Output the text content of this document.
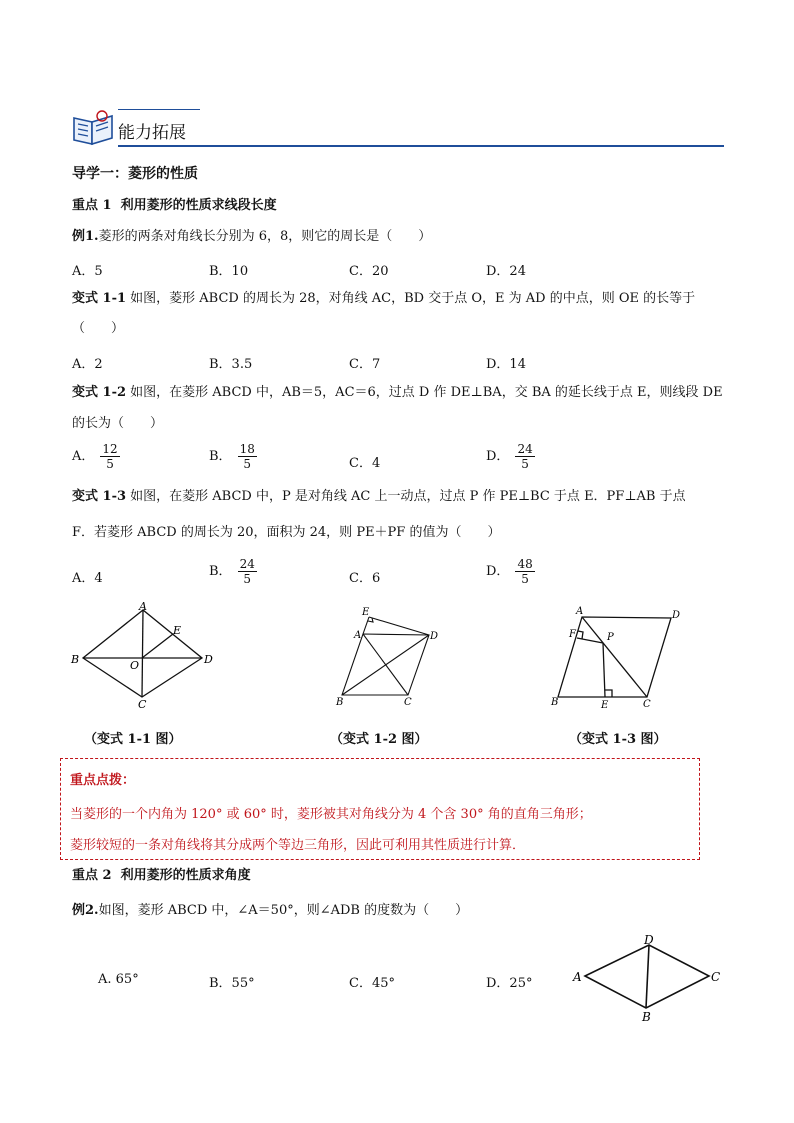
能力拓展
导学一：菱形的性质
重点 1 利用菱形的性质求线段长度
例1.菱形的两条对角线长分别为 6，8，则它的周长是（　　）
A．5	B．10	C．20	D．24
变式 1-1 如图，菱形 ABCD 的周长为 28，对角线 AC，BD 交于点 O，E 为 AD 的中点，则 OE 的长等于
（　　）
A．2	B．3.5	C．7	D．14
变式 1-2 如图，在菱形 ABCD 中，AB＝5，AC＝6，过点 D 作 DE⊥BA，交 BA 的延长线于点 E，则线段 DE
的长为（　　）
A． $\frac{12}{5}$	B． $\frac{18}{5}$	C．4	D． $\frac{24}{5}$
变式 1-3 如图，在菱形 ABCD 中，P 是对角线 AC 上一动点，过点 P 作 PE⊥BC 于点 E．PF⊥AB 于点
F．若菱形 ABCD 的周长为 20，面积为 24，则 PE＋PF 的值为（　　）
A．4	B． $\frac{24}{5}$	C．6	D． $\frac{48}{5}$
A
B
C
D
E
O
（变式 1-1 图）
E
A	D
B	C
（变式 1-2 图）
A	D
F	P
B	E	C
（变式 1-3 图）
重点点拨：
当菱形的一个内角为 120° 或 60° 时，菱形被其对角线分为 4 个含 30° 角的直角三角形；
菱形较短的一条对角线将其分成两个等边三角形，因此可利用其性质进行计算．
重点 2 利用菱形的性质求角度
例2.如图，菱形 ABCD 中，∠A＝50°，则∠ADB 的度数为（　　）
A. 65°	B．55°	C．45°	D．25°
D
A	C
B
